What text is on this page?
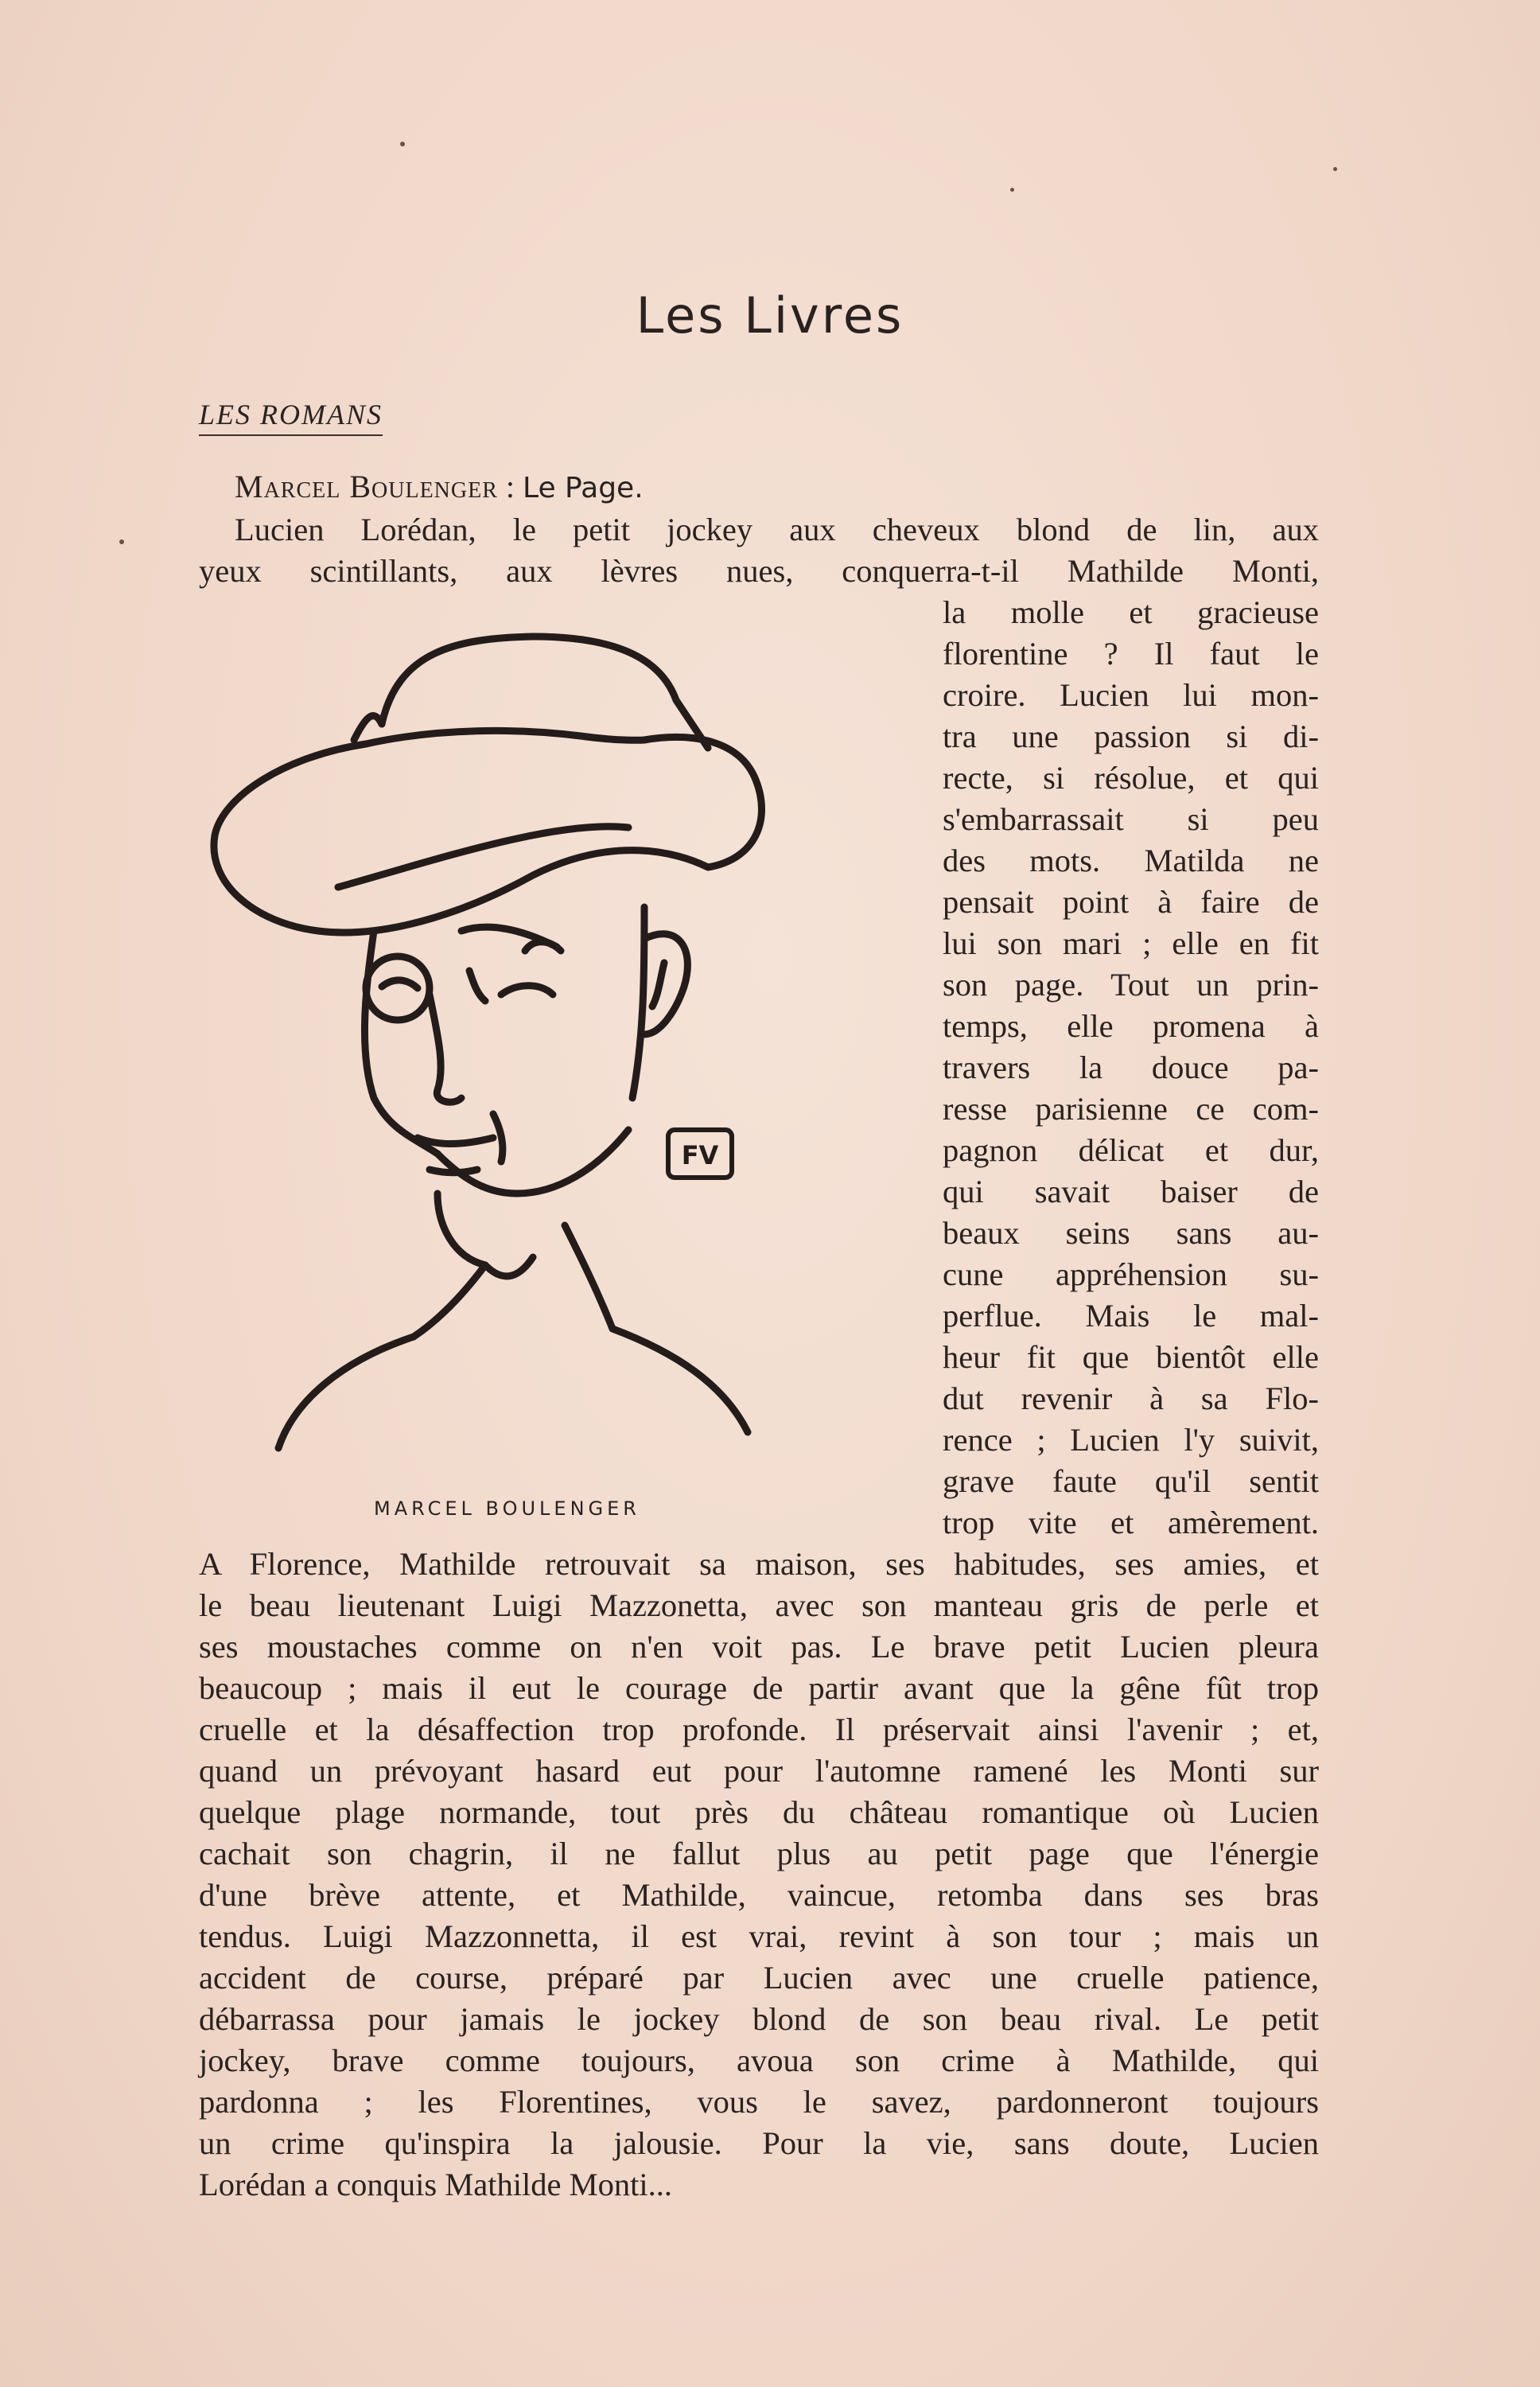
Les Livres
LES ROMANS
Marcel Boulenger : Le Page.
Lucien Lorédan, le petit jockey aux cheveux blond de lin, aux
yeux scintillants, aux lèvres nues, conquerra-t-il Mathilde Monti,
la molle et gracieuse
florentine ? Il faut le
croire. Lucien lui mon-
tra une passion si di-
recte, si résolue, et qui
s'embarrassait si peu
des mots. Matilda ne
pensait point à faire de
lui son mari ; elle en fit
son page. Tout un prin-
temps, elle promena à
travers la douce pa-
resse parisienne ce com-
pagnon délicat et dur,
qui savait baiser de
beaux seins sans au-
cune appréhension su-
perflue. Mais le mal-
heur fit que bientôt elle
dut revenir à sa Flo-
rence ; Lucien l'y suivit,
grave faute qu'il sentit
trop vite et amèrement.
A Florence, Mathilde retrouvait sa maison, ses habitudes, ses amies, et
le beau lieutenant Luigi Mazzonetta, avec son manteau gris de perle et
ses moustaches comme on n'en voit pas. Le brave petit Lucien pleura
beaucoup ; mais il eut le courage de partir avant que la gêne fût trop
cruelle et la désaffection trop profonde. Il préservait ainsi l'avenir ; et,
quand un prévoyant hasard eut pour l'automne ramené les Monti sur
quelque plage normande, tout près du château romantique où Lucien
cachait son chagrin, il ne fallut plus au petit page que l'énergie
d'une brève attente, et Mathilde, vaincue, retomba dans ses bras
tendus. Luigi Mazzonnetta, il est vrai, revint à son tour ; mais un
accident de course, préparé par Lucien avec une cruelle patience,
débarrassa pour jamais le jockey blond de son beau rival. Le petit
jockey, brave comme toujours, avoua son crime à Mathilde, qui
pardonna ; les Florentines, vous le savez, pardonneront toujours
un crime qu'inspira la jalousie. Pour la vie, sans doute, Lucien
Lorédan a conquis Mathilde Monti...
FV
MARCEL BOULENGER
